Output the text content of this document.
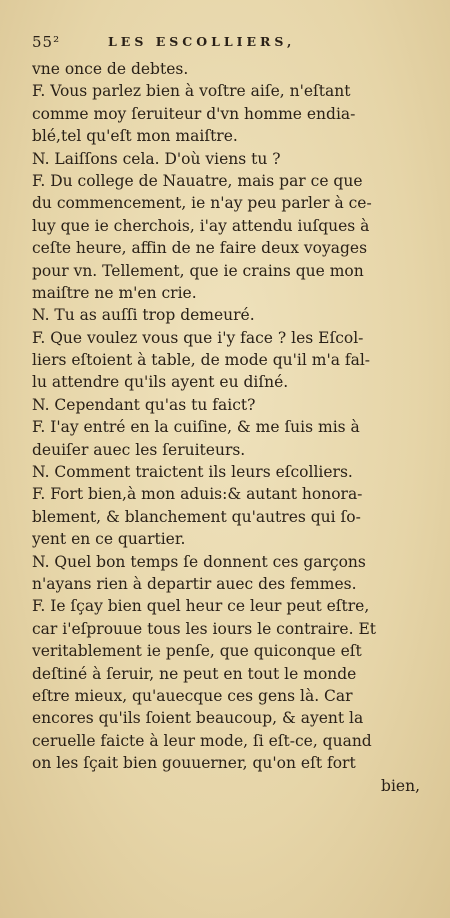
55²	LES ESCOLLIERS,
vne once de debtes.
F. Vous parlez bien à voſtre aiſe, n'eſtant
comme moy ſeruiteur d'vn homme endia-
blé,tel qu'eſt mon maiſtre.
N. Laiſſons cela. D'où viens tu ?
F. Du college de Nauatre, mais par ce que
du commencement, ie n'ay peu parler à ce-
luy que ie cherchois, i'ay attendu iuſques à
ceſte heure, affin de ne faire deux voyages
pour vn. Tellement, que ie crains que mon
maiſtre ne m'en crie.
N. Tu as auſſi trop demeuré.
F. Que voulez vous que i'y face ? les Eſcol-
liers eſtoient à table, de mode qu'il m'a fal-
lu attendre qu'ils ayent eu diſné.
N. Cependant qu'as tu faict?
F. I'ay entré en la cuiſine, & me ſuis mis à
deuiſer auec les ſeruiteurs.
N. Comment traictent ils leurs eſcolliers.
F. Fort bien,à mon aduis:& autant honora-
blement, & blanchement qu'autres qui ſo-
yent en ce quartier.
N. Quel bon temps ſe donnent ces garçons
n'ayans rien à departir auec des femmes.
F. Ie ſçay bien quel heur ce leur peut eſtre,
car i'eſprouue tous les iours le contraire. Et
veritablement ie penſe, que quiconque eſt
deſtiné à ſeruir, ne peut en tout le monde
eſtre mieux, qu'auecque ces gens là. Car
encores qu'ils ſoient beaucoup, & ayent la
ceruelle faicte à leur mode, ſi eſt-ce, quand
on les ſçait bien gouuerner, qu'on eſt fort
bien,
